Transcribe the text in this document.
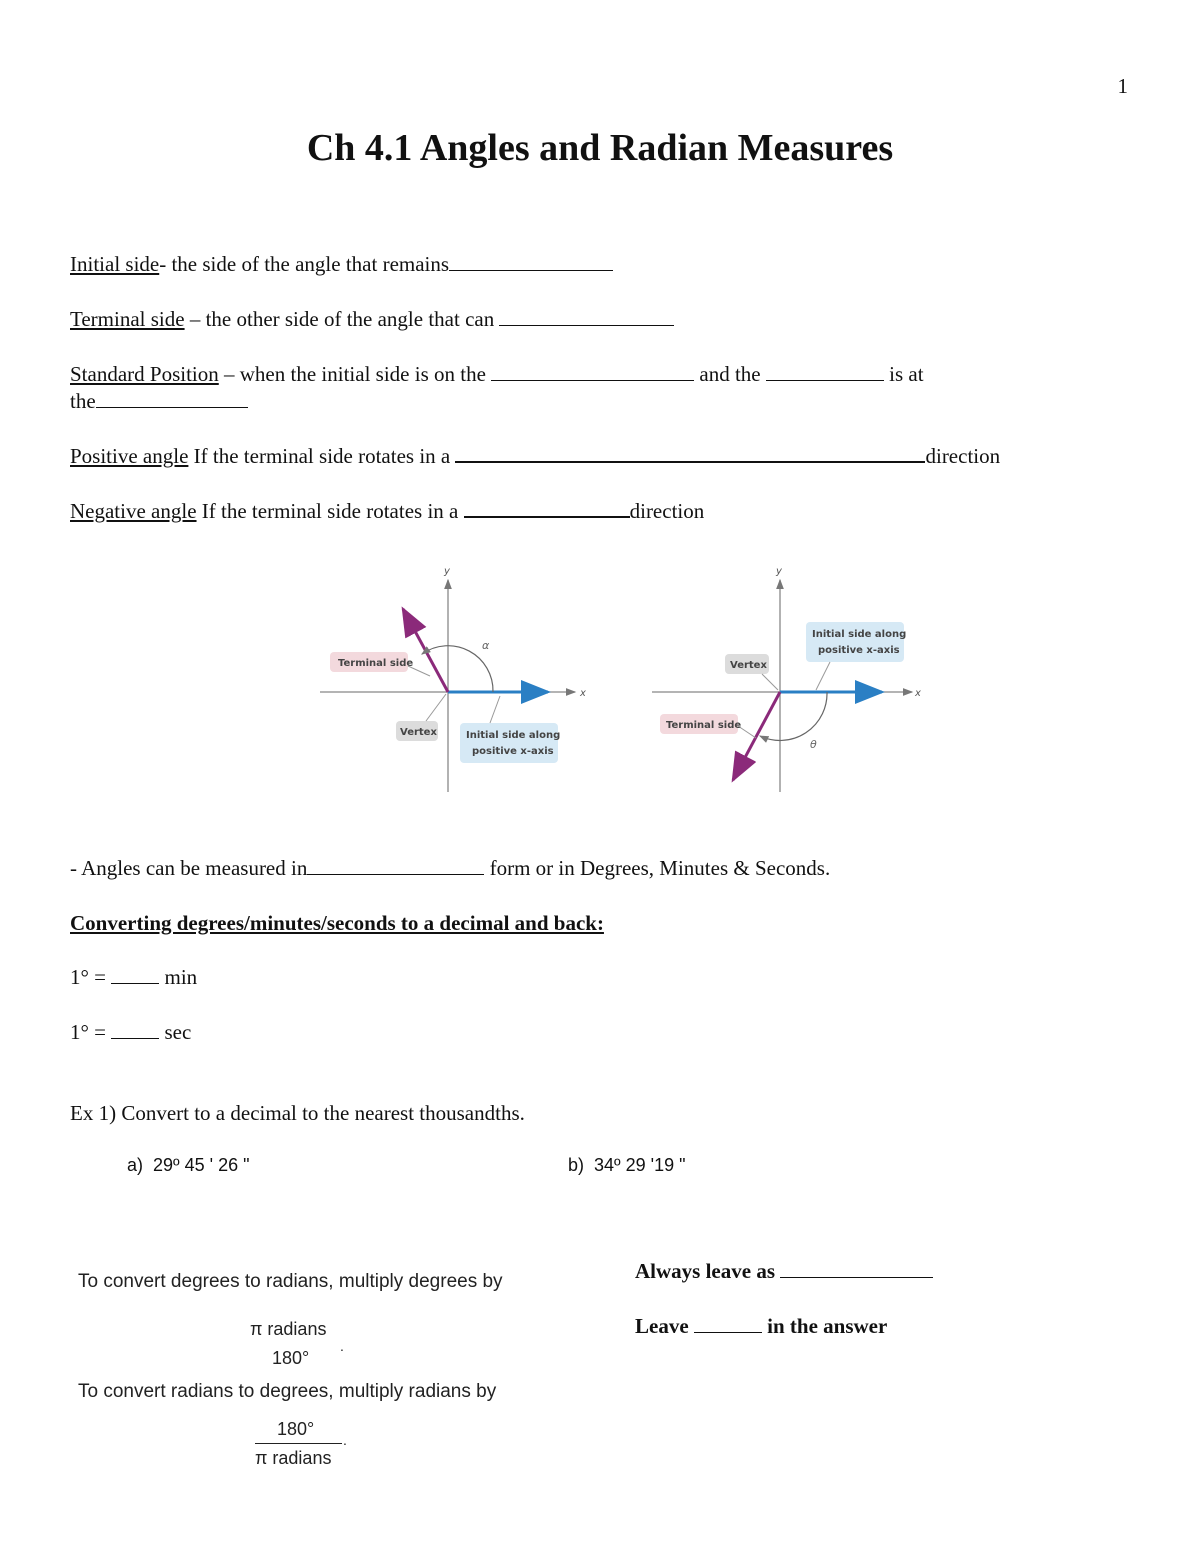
1
Ch 4.1 Angles and Radian Measures
Initial side- the side of the angle that remains
Terminal side – the other side of the angle that can
Standard Position – when the initial side is on the	and the	is at
the
Positive angle If the terminal side rotates in a	direction
Negative angle If the terminal side rotates in a	direction
x
y
α
Terminal side
Vertex	Initial side along
positive x-axis
x
y
θ
Vertex
Initial side along
positive x-axis
Terminal side
- Angles can be measured in	form or in Degrees, Minutes & Seconds.
Converting degrees/minutes/seconds to a decimal and back:
1° =  min
1° =  sec
Ex 1) Convert to a decimal to the nearest thousandths.
a) 29º 45 ' 26 "	b) 34º 29 '19 "
To convert degrees to radians, multiply degrees by
π radians
180°
.
To convert radians to degrees, multiply radians by
180°
π radians
.
Always leave as
Leave	in the answer
